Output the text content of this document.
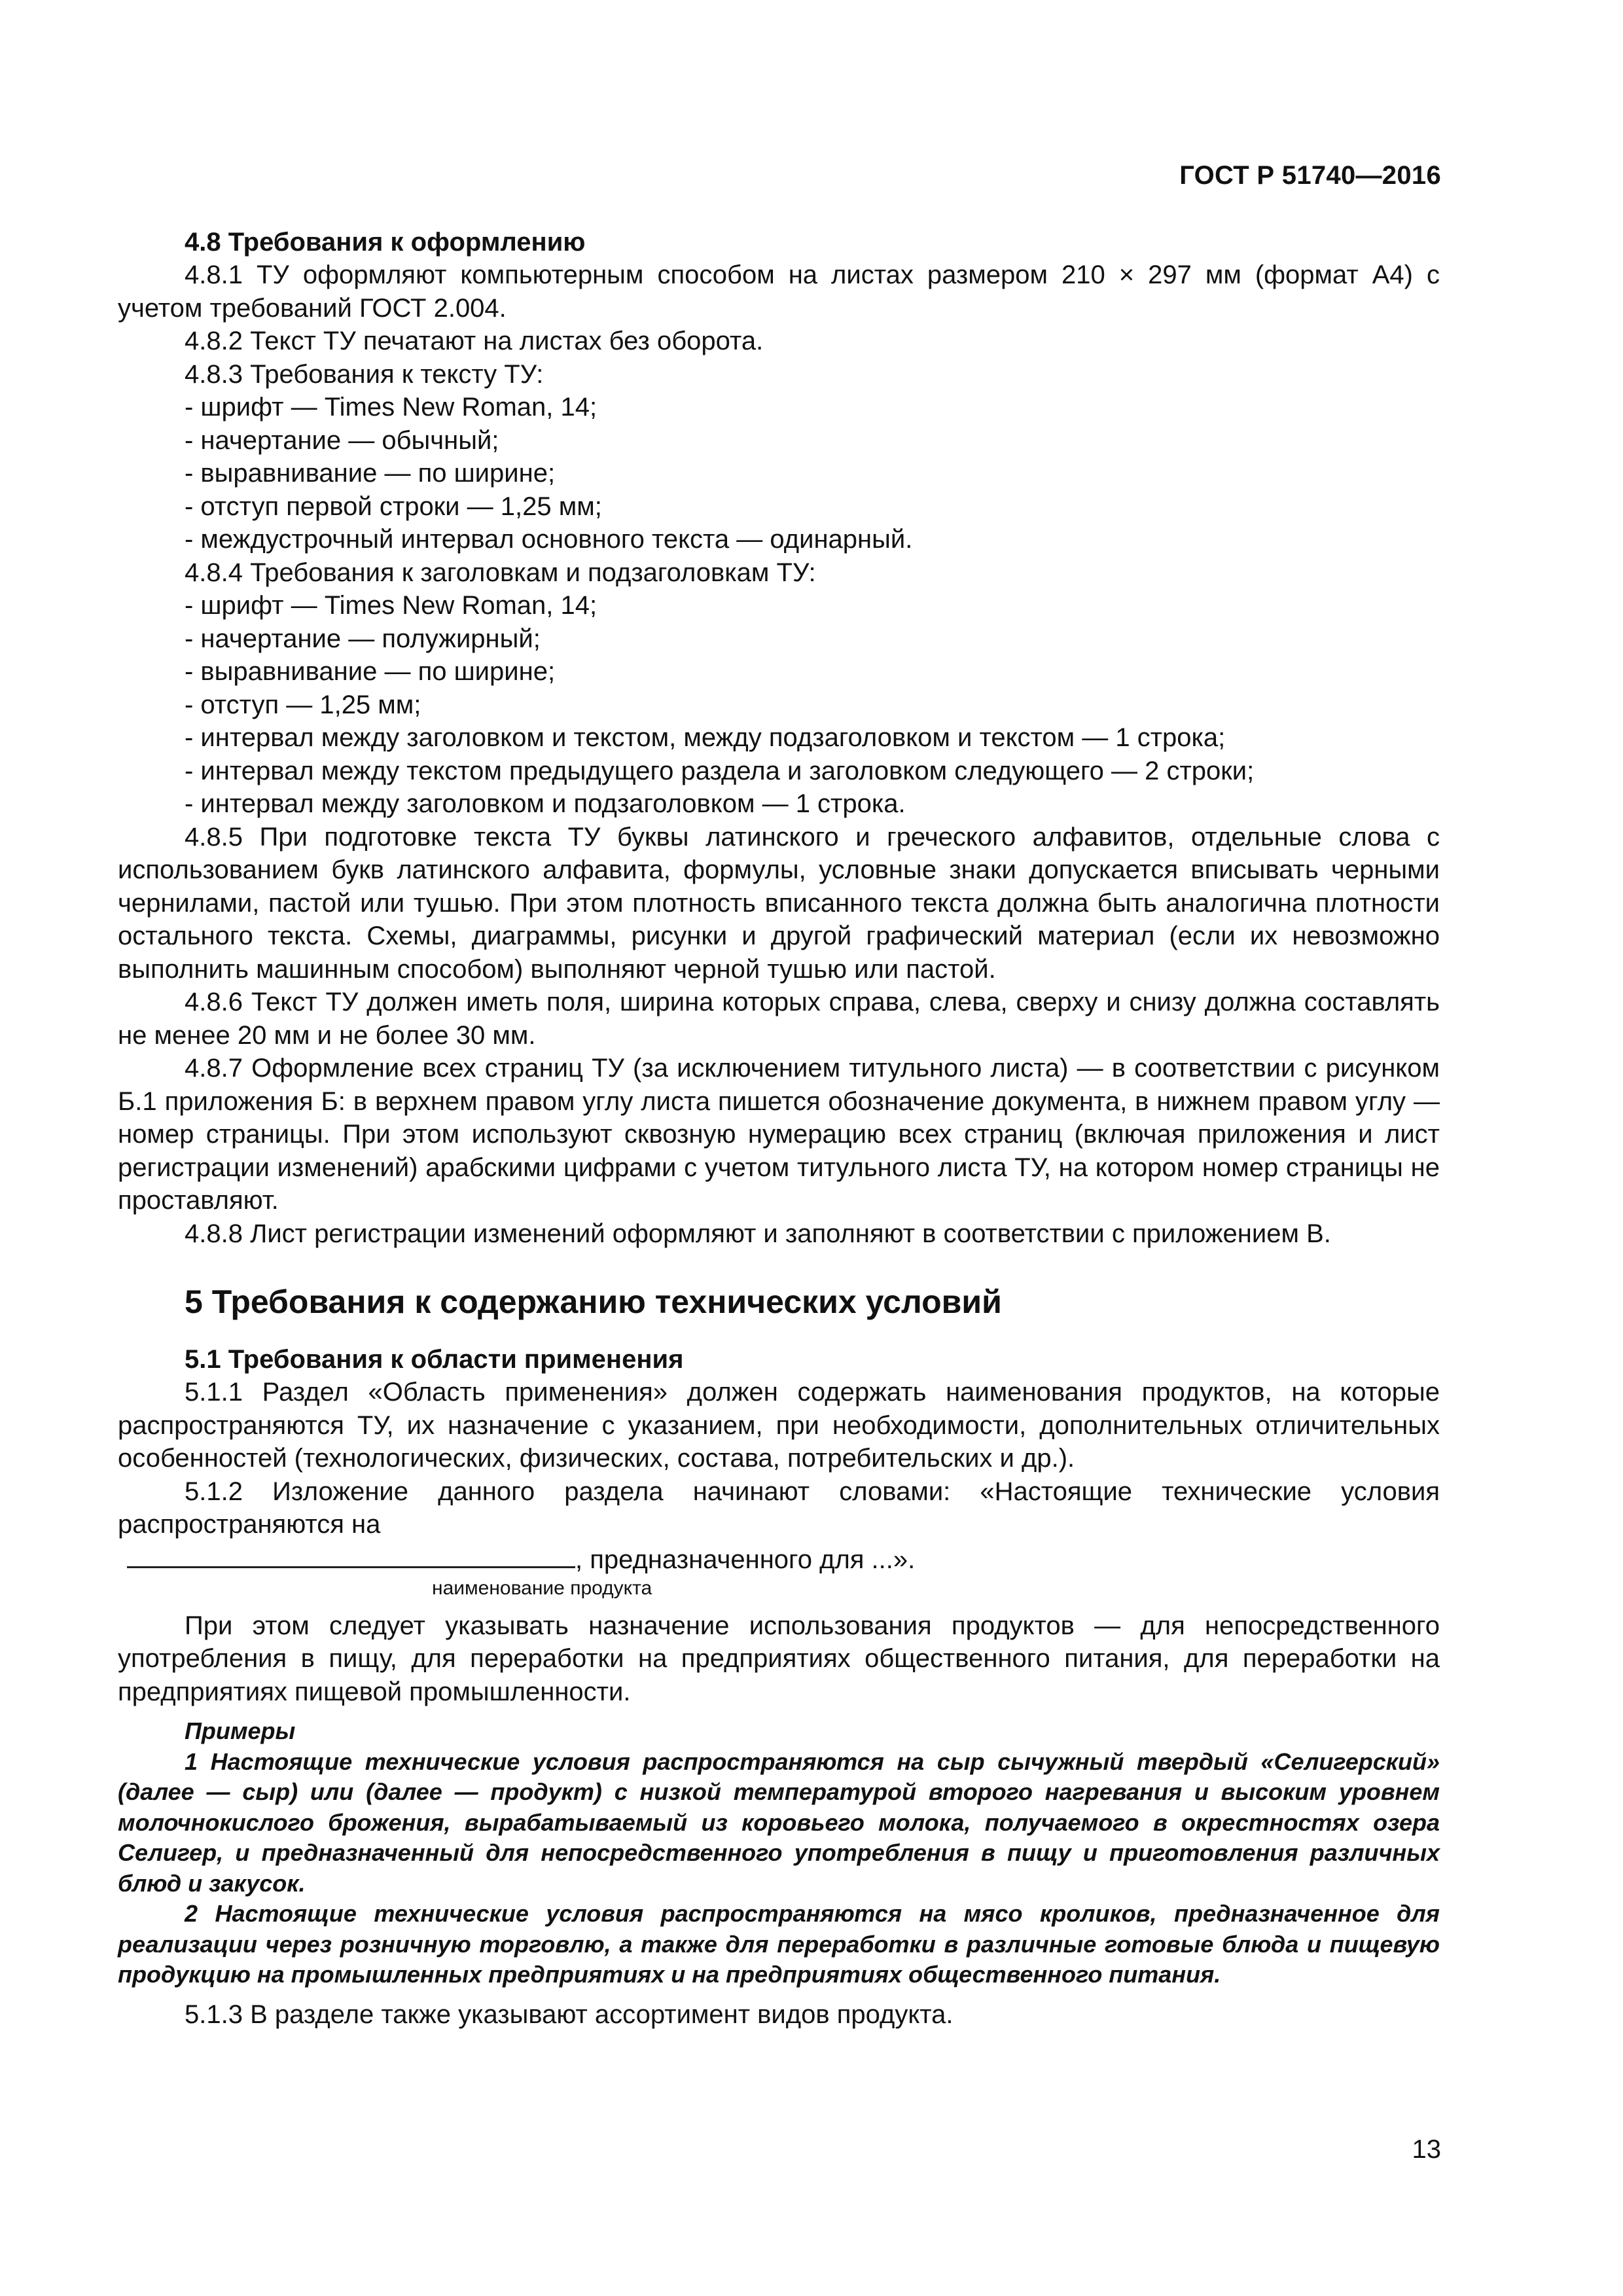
ГОСТ Р 51740—2016
4.8 Требования к оформлению

4.8.1 ТУ оформляют компьютерным способом на листах размером 210 × 297 мм (формат А4) с учетом требований ГОСТ 2.004.

4.8.2 Текст ТУ печатают на листах без оборота.

4.8.3 Требования к тексту ТУ:

- шрифт — Times New Roman, 14;

- начертание — обычный;

- выравнивание — по ширине;

- отступ первой строки — 1,25 мм;

- междустрочный интервал основного текста — одинарный.

4.8.4 Требования к заголовкам и подзаголовкам ТУ:

- шрифт — Times New Roman, 14;

- начертание — полужирный;

- выравнивание — по ширине;

- отступ — 1,25 мм;

- интервал между заголовком и текстом, между подзаголовком и текстом — 1 строка;

- интервал между текстом предыдущего раздела и заголовком следующего — 2 строки;

- интервал между заголовком и подзаголовком — 1 строка.

4.8.5 При подготовке текста ТУ буквы латинского и греческого алфавитов, отдельные слова с использованием букв латинского алфавита, формулы, условные знаки допускается вписывать черными чернилами, пастой или тушью. При этом плотность вписанного текста должна быть аналогична плотности остального текста. Схемы, диаграммы, рисунки и другой графический материал (если их невозможно выполнить машинным способом) выполняют черной тушью или пастой.

4.8.6 Текст ТУ должен иметь поля, ширина которых справа, слева, сверху и снизу должна составлять не менее 20 мм и не более 30 мм.

4.8.7 Оформление всех страниц ТУ (за исключением титульного листа) — в соответствии с рисунком Б.1 приложения Б: в верхнем правом углу листа пишется обозначение документа, в нижнем правом углу — номер страницы. При этом используют сквозную нумерацию всех страниц (включая приложения и лист регистрации изменений) арабскими цифрами с учетом титульного листа ТУ, на котором номер страницы не проставляют.

4.8.8 Лист регистрации изменений оформляют и заполняют в соответствии с приложением В.

5 Требования к содержанию технических условий
5.1 Требования к области применения

5.1.1 Раздел «Область применения» должен содержать наименования продуктов, на которые распространяются ТУ, их назначение с указанием, при необходимости, дополнительных отличительных особенностей (технологических, физических, состава, потребительских и др.).

5.1.2 Изложение данного раздела начинают словами: «Настоящие технические условия распространяются на

, предназначенного для ...».
наименование продукта

При этом следует указывать назначение использования продуктов — для непосредственного употребления в пищу, для переработки на предприятиях общественного питания, для переработки на предприятиях пищевой промышленности.

Примеры

1 Настоящие технические условия распространяются на сыр сычужный твердый «Селигерский» (далее — сыр) или (далее — продукт) с низкой температурой второго нагревания и высоким уровнем молочнокислого брожения, вырабатываемый из коровьего молока, получаемого в окрестностях озера Селигер, и предназначенный для непосредственного употребления в пищу и приготовления различных блюд и закусок.

2 Настоящие технические условия распространяются на мясо кроликов, предназначенное для реализации через розничную торговлю, а также для переработки в различные готовые блюда и пищевую продукцию на промышленных предприятиях и на предприятиях общественного питания.

5.1.3 В разделе также указывают ассортимент видов продукта.

13
